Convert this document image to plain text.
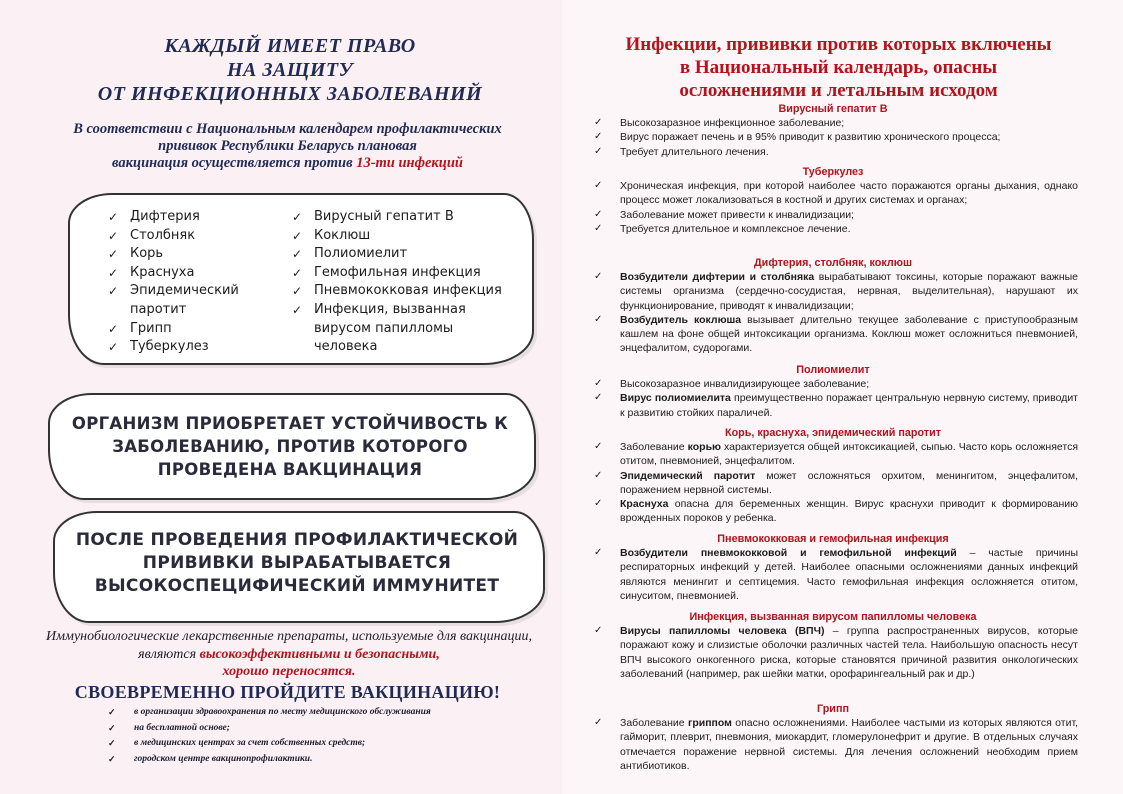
КАЖДЫЙ ИМЕЕТ ПРАВО
НА ЗАЩИТУ
ОТ ИНФЕКЦИОННЫХ ЗАБОЛЕВАНИЙ
В соответствии с Национальным календарем профилактических
прививок Республики Беларусь плановая
вакцинация осуществляется против 13-ти инфекций
✓ Дифтерия
✓ Столбняк
✓ Корь
✓ Краснуха
✓ Эпидемический паротит
✓ Грипп
✓ Туберкулез
✓ Вирусный гепатит В
✓ Коклюш
✓ Полиомиелит
✓ Гемофильная инфекция
✓ Пневмококковая инфекция
✓ Инфекция, вызванная вирусом папилломы человека
ОРГАНИЗМ ПРИОБРЕТАЕТ УСТОЙЧИВОСТЬ К ЗАБОЛЕВАНИЮ, ПРОТИВ КОТОРОГО ПРОВЕДЕНА ВАКЦИНАЦИЯ
ПОСЛЕ ПРОВЕДЕНИЯ ПРОФИЛАКТИЧЕСКОЙ ПРИВИВКИ ВЫРАБАТЫВАЕТСЯ ВЫСОКОСПЕЦИФИЧЕСКИЙ ИММУНИТЕТ
Иммунобиологические лекарственные препараты, используемые для вакцинации, являются высокоэффективными и безопасными,
хорошо переносятся.
СВОЕВРЕМЕННО ПРОЙДИТЕ ВАКЦИНАЦИЮ!
✓ в организации здравоохранения по месту медицинского обслуживания
✓ на бесплатной основе;
✓ в медицинских центрах за счет собственных средств;
✓ городском центре вакцинопрофилактики.
Инфекции, прививки против которых включены
в Национальный календарь, опасны
осложнениями и летальным исходом
Вирусный гепатит В
✓ Высокозаразное инфекционное заболевание;
✓ Вирус поражает печень и в 95% приводит к развитию хронического процесса;
✓ Требует длительного лечения.
Туберкулез
✓ Хроническая инфекция, при которой наиболее часто поражаются органы дыхания, однако процесс может локализоваться в костной и других системах и органах;
✓ Заболевание может привести к инвалидизации;
✓ Требуется длительное и комплексное лечение.
Дифтерия, столбняк, коклюш
✓ Возбудители дифтерии и столбняка вырабатывают токсины, которые поражают важные системы организма (сердечно-сосудистая, нервная, выделительная), нарушают их функционирование, приводят к инвалидизации;
✓ Возбудитель коклюша вызывает длительно текущее заболевание с приступообразным кашлем на фоне общей интоксикации организма. Коклюш может осложниться пневмонией, энцефалитом, судорогами.
Полиомиелит
✓ Высокозаразное инвалидизирующее заболевание;
✓ Вирус полиомиелита преимущественно поражает центральную нервную систему, приводит к развитию стойких параличей.
Корь, краснуха, эпидемический паротит
✓ Заболевание корью характеризуется общей интоксикацией, сыпью. Часто корь осложняется отитом, пневмонией, энцефалитом.
✓ Эпидемический паротит может осложняться орхитом, менингитом, энцефалитом, поражением нервной системы.
✓ Краснуха опасна для беременных женщин. Вирус краснухи приводит к формированию врожденных пороков у ребенка.
Пневмококковая и гемофильная инфекция
✓ Возбудители пневмококковой и гемофильной инфекций – частые причины респираторных инфекций у детей. Наиболее опасными осложнениями данных инфекций являются менингит и септицемия. Часто гемофильная инфекция осложняется отитом, синуситом, пневмонией.
Инфекция, вызванная вирусом папилломы человека
✓ Вирусы папилломы человека (ВПЧ) – группа распространенных вирусов, которые поражают кожу и слизистые оболочки различных частей тела. Наибольшую опасность несут ВПЧ высокого онкогенного риска, которые становятся причиной развития онкологических заболеваний (например, рак шейки матки, орофарингеальный рак и др.)
Грипп
✓ Заболевание гриппом опасно осложнениями. Наиболее частыми из которых являются отит, гайморит, плеврит, пневмония, миокардит, гломерулонефрит и другие. В отдельных случаях отмечается поражение нервной системы. Для лечения осложнений необходим прием антибиотиков.
